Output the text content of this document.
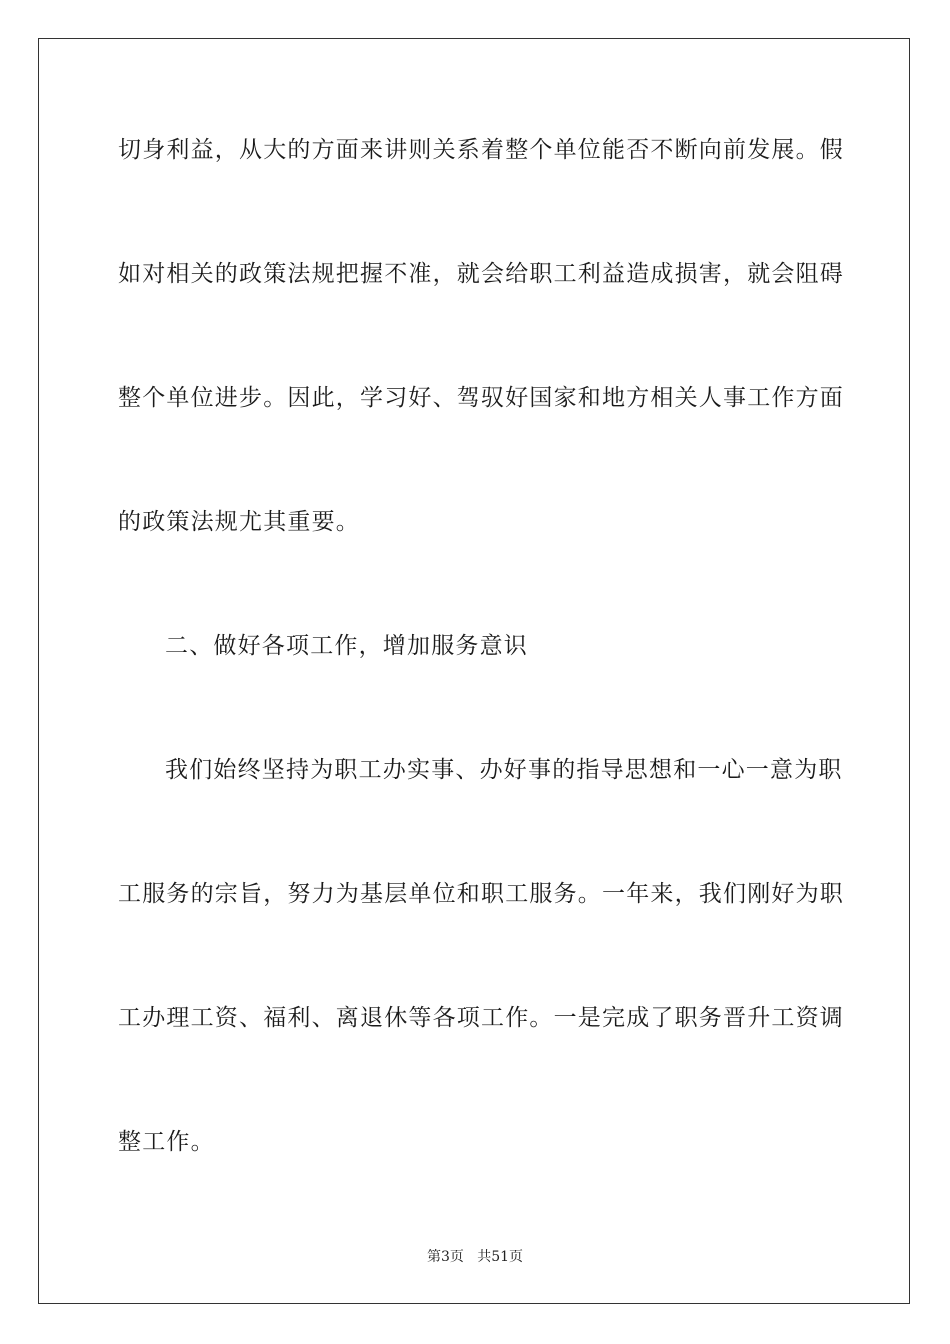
切身利益，从大的方面来讲则关系着整个单位能否不断向前发展。假
如对相关的政策法规把握不准，就会给职工利益造成损害，就会阻碍
整个单位进步。因此，学习好、驾驭好国家和地方相关人事工作方面
的政策法规尤其重要。
二、做好各项工作，增加服务意识
我们始终坚持为职工办实事、办好事的指导思想和一心一意为职
工服务的宗旨，努力为基层单位和职工服务。一年来，我们刚好为职
工办理工资、福利、离退休等各项工作。一是完成了职务晋升工资调
整工作。
第3页   共51页
